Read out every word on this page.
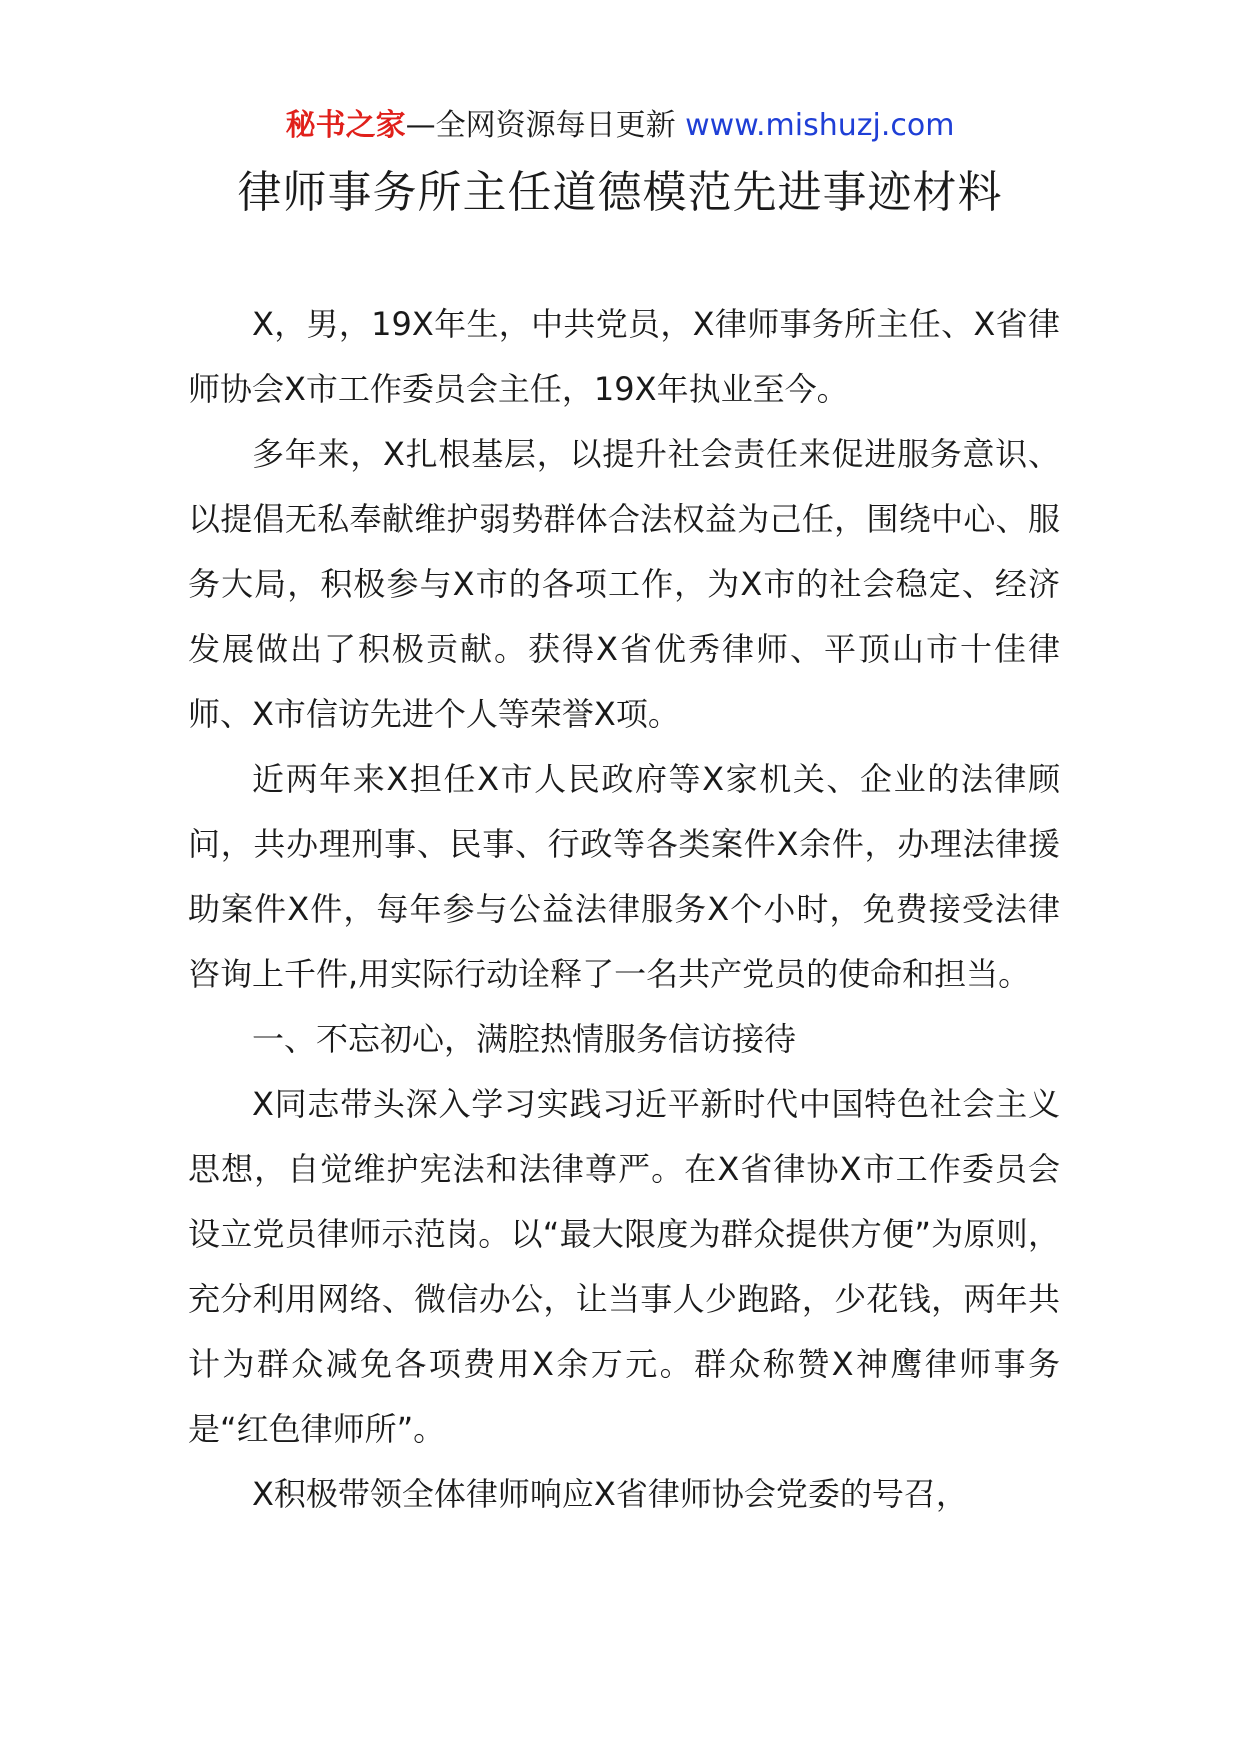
秘书之家—全网资源每日更新 www.mishuzj.com
律师事务所主任道德模范先进事迹材料

X，男，19X年生，中共党员，X律师事务所主任、X省律师协会X市工作委员会主任，19X年执业至今。

多年来，X扎根基层，以提升社会责任来促进服务意识、以提倡无私奉献维护弱势群体合法权益为己任，围绕中心、服务大局，积极参与X市的各项工作，为X市的社会稳定、经济发展做出了积极贡献。获得X省优秀律师、平顶山市十佳律师、X市信访先进个人等荣誉X项。

近两年来X担任X市人民政府等X家机关、企业的法律顾问，共办理刑事、民事、行政等各类案件X余件，办理法律援助案件X件，每年参与公益法律服务X个小时，免费接受法律咨询上千件,用实际行动诠释了一名共产党员的使命和担当。

一、不忘初心，满腔热情服务信访接待

X同志带头深入学习实践习近平新时代中国特色社会主义思想，自觉维护宪法和法律尊严。在X省律协X市工作委员会设立党员律师示范岗。以“最大限度为群众提供方便”为原则，充分利用网络、微信办公，让当事人少跑路，少花钱，两年共计为群众减免各项费用X余万元。群众称赞X神鹰律师事务是“红色律师所”。

X积极带领全体律师响应X省律师协会党委的号召，
